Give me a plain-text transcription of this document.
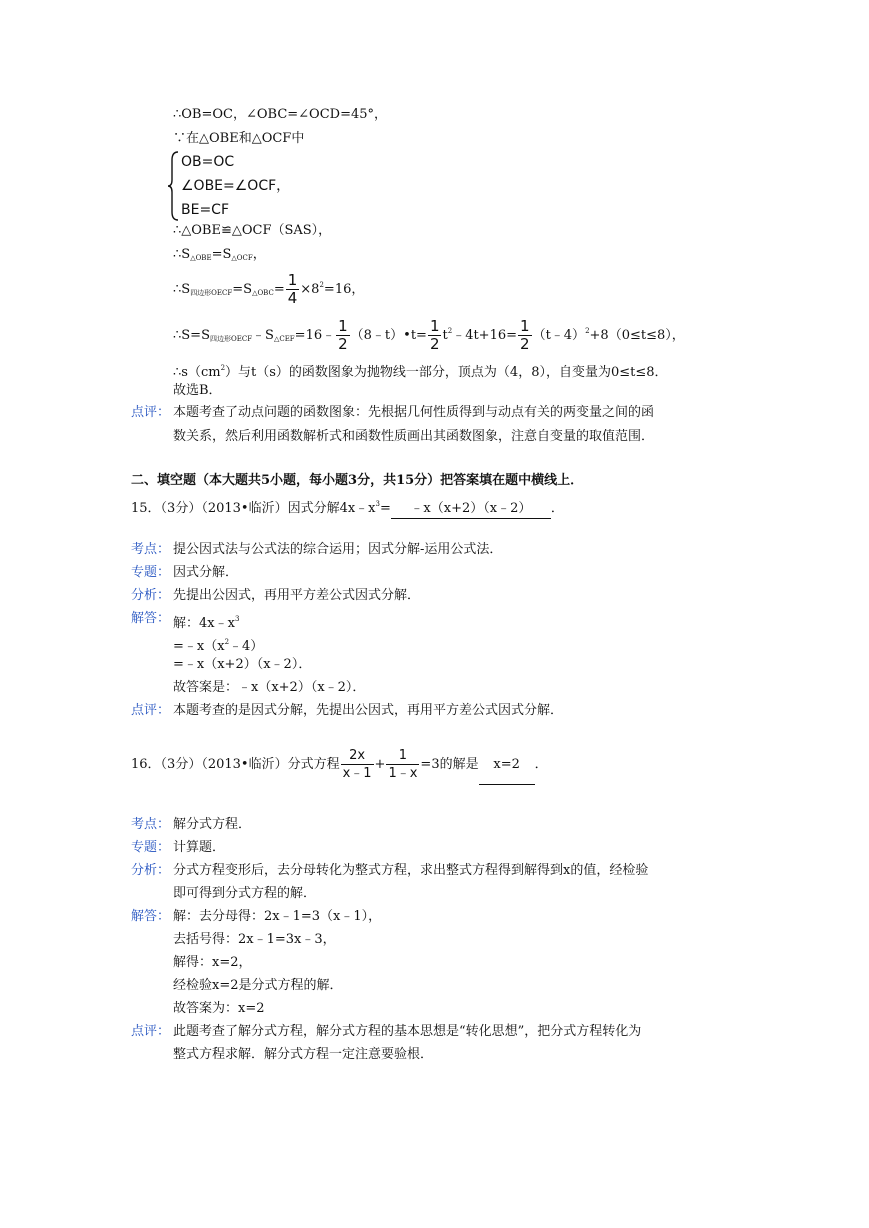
∴OB=OC，∠OBC=∠OCD=45°，
∵在△OBE和△OCF中
OB=OC
∠OBE=∠OCF，
BE=CF
∴△OBE≌△OCF（SAS），
$\therefore S_{\triangle OBE}=S_{\triangle OCF}$，
$\therefore S_{四边形OECF}=S_{\triangle OBC}= \frac{1}{4} \times 8^2=16$，
$\therefore S=S_{四边形OECF}﹣S_{\triangle CEF}=16﹣ \frac{1}{2}$ （8﹣t）•t= $\frac{1}{2}$ $t^2﹣4t+16= \frac{1}{2}$ （t﹣4）$^2$+8（0≤t≤8），
$\therefore s(cm^2)$与t（s）的函数图象为抛物线一部分，顶点为（4，8），自变量为0≤t≤8．
故选B．
点评： 本题考查了动点问题的函数图象：先根据几何性质得到与动点有关的两变量之间的函
数关系，然后利用函数解析式和函数性质画出其函数图象，注意自变量的取值范围．
二、填空题（本大题共5小题，每小题3分，共15分）把答案填在题中横线上．
15．（3分）（2013•临沂）因式分解$4x﹣x^3=$ ﹣x（x+2）（x﹣2） ．
考点： 提公因式法与公式法的综合运用；因式分解-运用公式法．
专题： 因式分解．
分析： 先提出公因式，再用平方差公式因式分解．
解答： 解：$4x﹣x^3$
$=﹣x(x^2﹣4)$
=﹣x（x+2）（x﹣2）．
故答案是：﹣x（x+2）（x﹣2）．
点评： 本题考查的是因式分解，先提出公因式，再用平方差公式因式分解．
16．（3分）（2013•临沂）分式方程 $\frac{2x}{x﹣1} + \frac{1}{1﹣x} =3$的解是 x=2 ．
考点： 解分式方程．
专题： 计算题．
分析： 分式方程变形后，去分母转化为整式方程，求出整式方程得到解得到x的值，经检验
即可得到分式方程的解．
解答： 解：去分母得：2x﹣1=3（x﹣1），
去括号得：2x﹣1=3x﹣3，
解得：x=2，
经检验x=2是分式方程的解．
故答案为：x=2
点评： 此题考查了解分式方程，解分式方程的基本思想是“转化思想”，把分式方程转化为
整式方程求解．解分式方程一定注意要验根．
